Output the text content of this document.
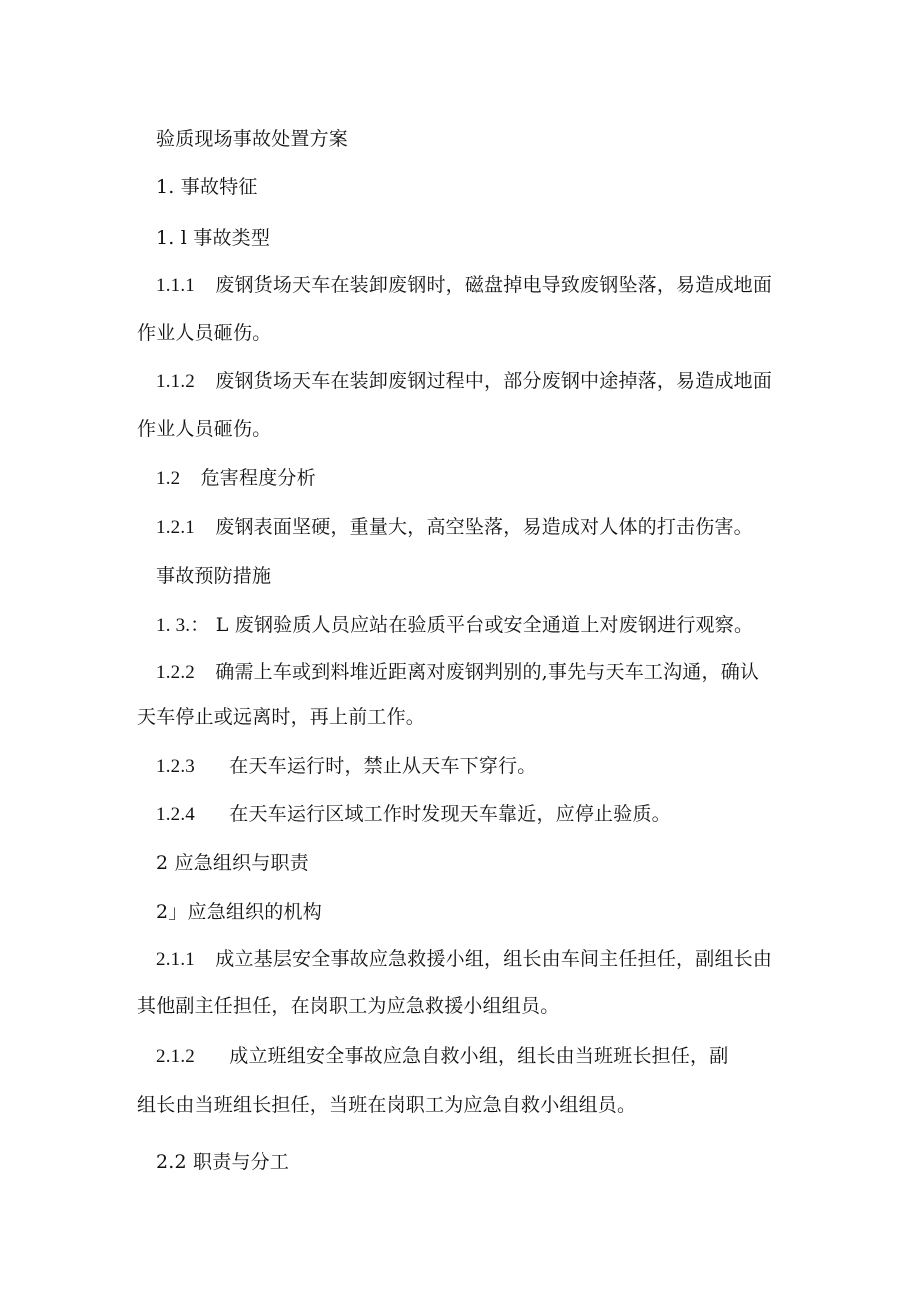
验质现场事故处置方案
1. 事故特征
1. l 事故类型
1.1.1 废钢货场天车在装卸废钢时，磁盘掉电导致废钢坠落，易造成地面
作业人员砸伤。
1.1.2 废钢货场天车在装卸废钢过程中，部分废钢中途掉落，易造成地面
作业人员砸伤。
1.2 危害程度分析
1.2.1 废钢表面坚硬，重量大，高空坠落，易造成对人体的打击伤害。
事故预防措施
1. 3.： L 废钢验质人员应站在验质平台或安全通道上对废钢进行观察。
1.2.2 确需上车或到料堆近距离对废钢判别的,事先与天车工沟通，确认
天车停止或远离时，再上前工作。
1.2.3 在天车运行时，禁止从天车下穿行。
1.2.4 在天车运行区域工作时发现天车靠近，应停止验质。
2 应急组织与职责
2」应急组织的机构
2.1.1 成立基层安全事故应急救援小组，组长由车间主任担任，副组长由
其他副主任担任，在岗职工为应急救援小组组员。
2.1.2 成立班组安全事故应急自救小组，组长由当班班长担任，副
组长由当班组长担任，当班在岗职工为应急自救小组组员。
2.2 职责与分工
